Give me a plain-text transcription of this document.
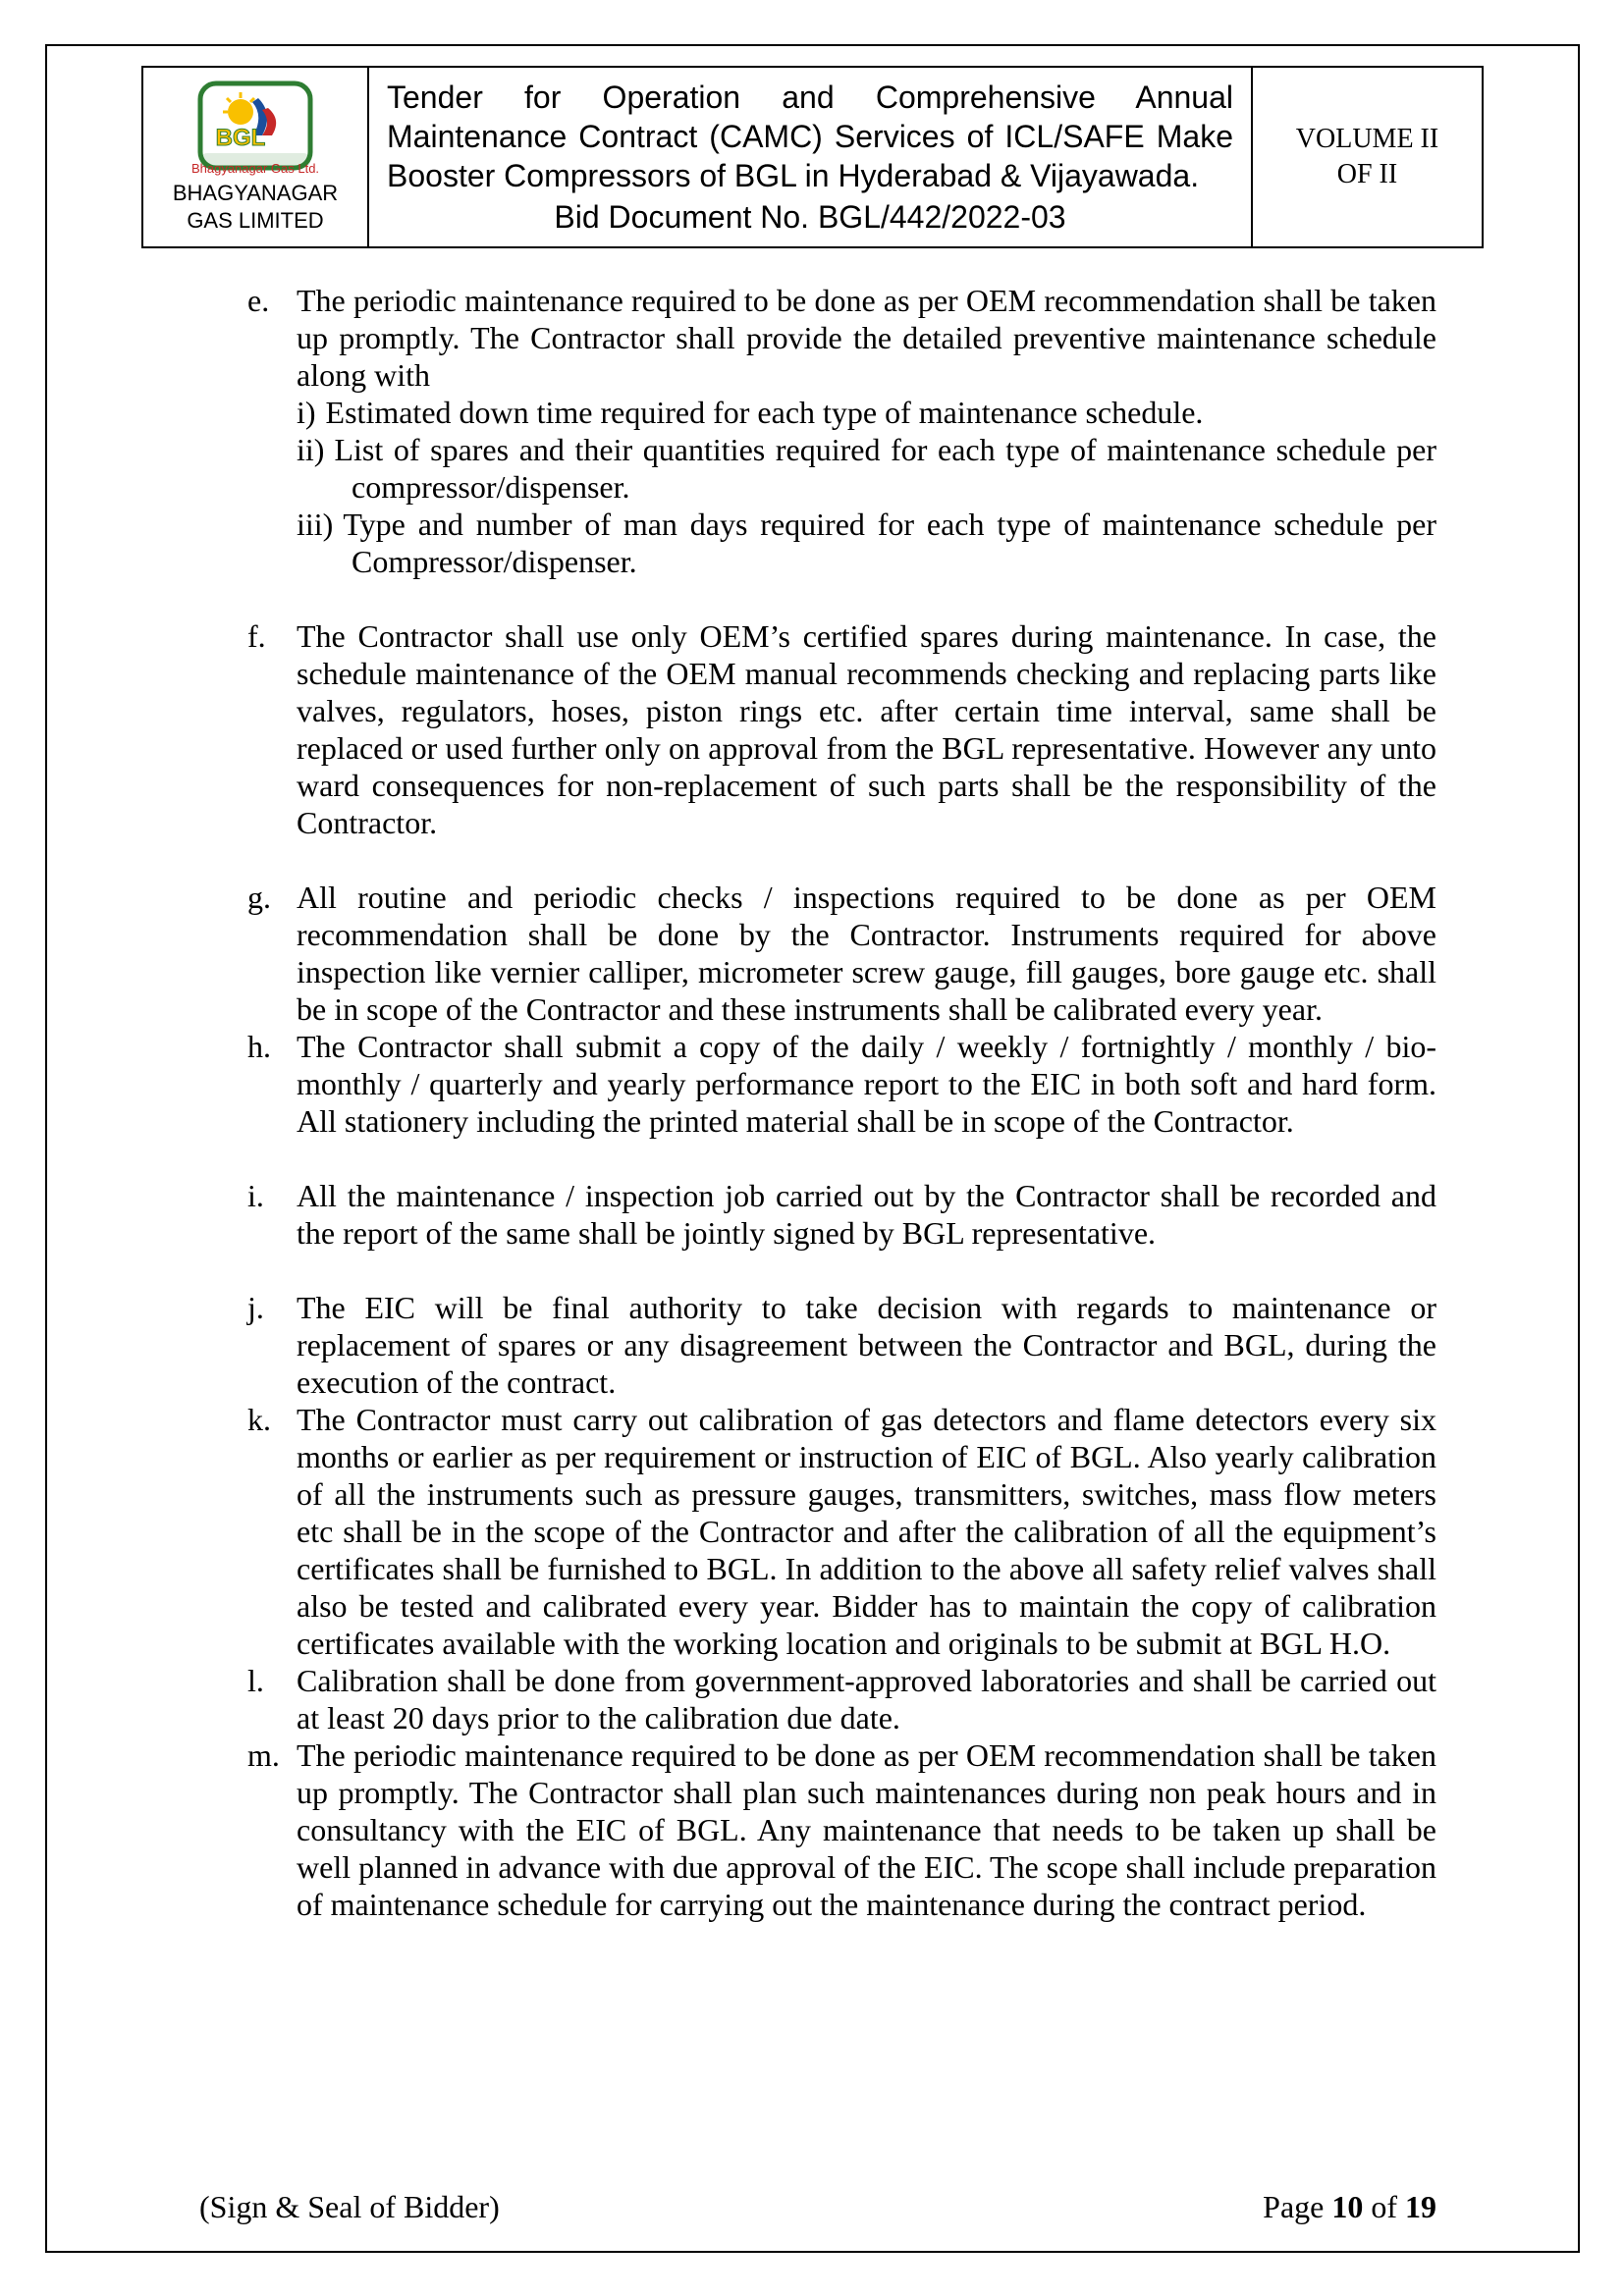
BGL
Bhagyanagar Gas Ltd.
BHAGYANAGAR GAS LIMITED

Tender for Operation and Comprehensive Annual Maintenance Contract (CAMC) Services of ICL/SAFE Make Booster Compressors of BGL in Hyderabad & Vijayawada.
Bid Document No. BGL/442/2022-03

VOLUME II OF II
e. The periodic maintenance required to be done as per OEM recommendation shall be taken up promptly. The Contractor shall provide the detailed preventive maintenance schedule along with
i) Estimated down time required for each type of maintenance schedule.
ii) List of spares and their quantities required for each type of maintenance schedule per compressor/dispenser.
iii) Type and number of man days required for each type of maintenance schedule per Compressor/dispenser.
f. The Contractor shall use only OEM’s certified spares during maintenance. In case, the schedule maintenance of the OEM manual recommends checking and replacing parts like valves, regulators, hoses, piston rings etc. after certain time interval, same shall be replaced or used further only on approval from the BGL representative. However any unto ward consequences for non-replacement of such parts shall be the responsibility of the Contractor.
g. All routine and periodic checks / inspections required to be done as per OEM recommendation shall be done by the Contractor. Instruments required for above inspection like vernier calliper, micrometer screw gauge, fill gauges, bore gauge etc. shall be in scope of the Contractor and these instruments shall be calibrated every year.
h. The Contractor shall submit a copy of the daily / weekly / fortnightly / monthly / bio-monthly / quarterly and yearly performance report to the EIC in both soft and hard form. All stationery including the printed material shall be in scope of the Contractor.
i.	All the maintenance / inspection job carried out by the Contractor shall be recorded and the report of the same shall be jointly signed by BGL representative.
j.	The EIC will be final authority to take decision with regards to maintenance or replacement of spares or any disagreement between the Contractor and BGL, during the execution of the contract.
k. The Contractor must carry out calibration of gas detectors and flame detectors every six months or earlier as per requirement or instruction of EIC of BGL. Also yearly calibration of all the instruments such as pressure gauges, transmitters, switches, mass flow meters etc shall be in the scope of the Contractor and after the calibration of all the equipment’s certificates shall be furnished to BGL. In addition to the above all safety relief valves shall also be tested and calibrated every year. Bidder has to maintain the copy of calibration certificates available with the working location and originals to be submit at BGL H.O.
l.	Calibration shall be done from government-approved laboratories and shall be carried out at least 20 days prior to the calibration due date.
m. The periodic maintenance required to be done as per OEM recommendation shall be taken up promptly. The Contractor shall plan such maintenances during non peak hours and in consultancy with the EIC of BGL. Any maintenance that needs to be taken up shall be well planned in advance with due approval of the EIC. The scope shall include preparation of maintenance schedule for carrying out the maintenance during the contract period.
(Sign & Seal of Bidder)	Page 10 of 19
